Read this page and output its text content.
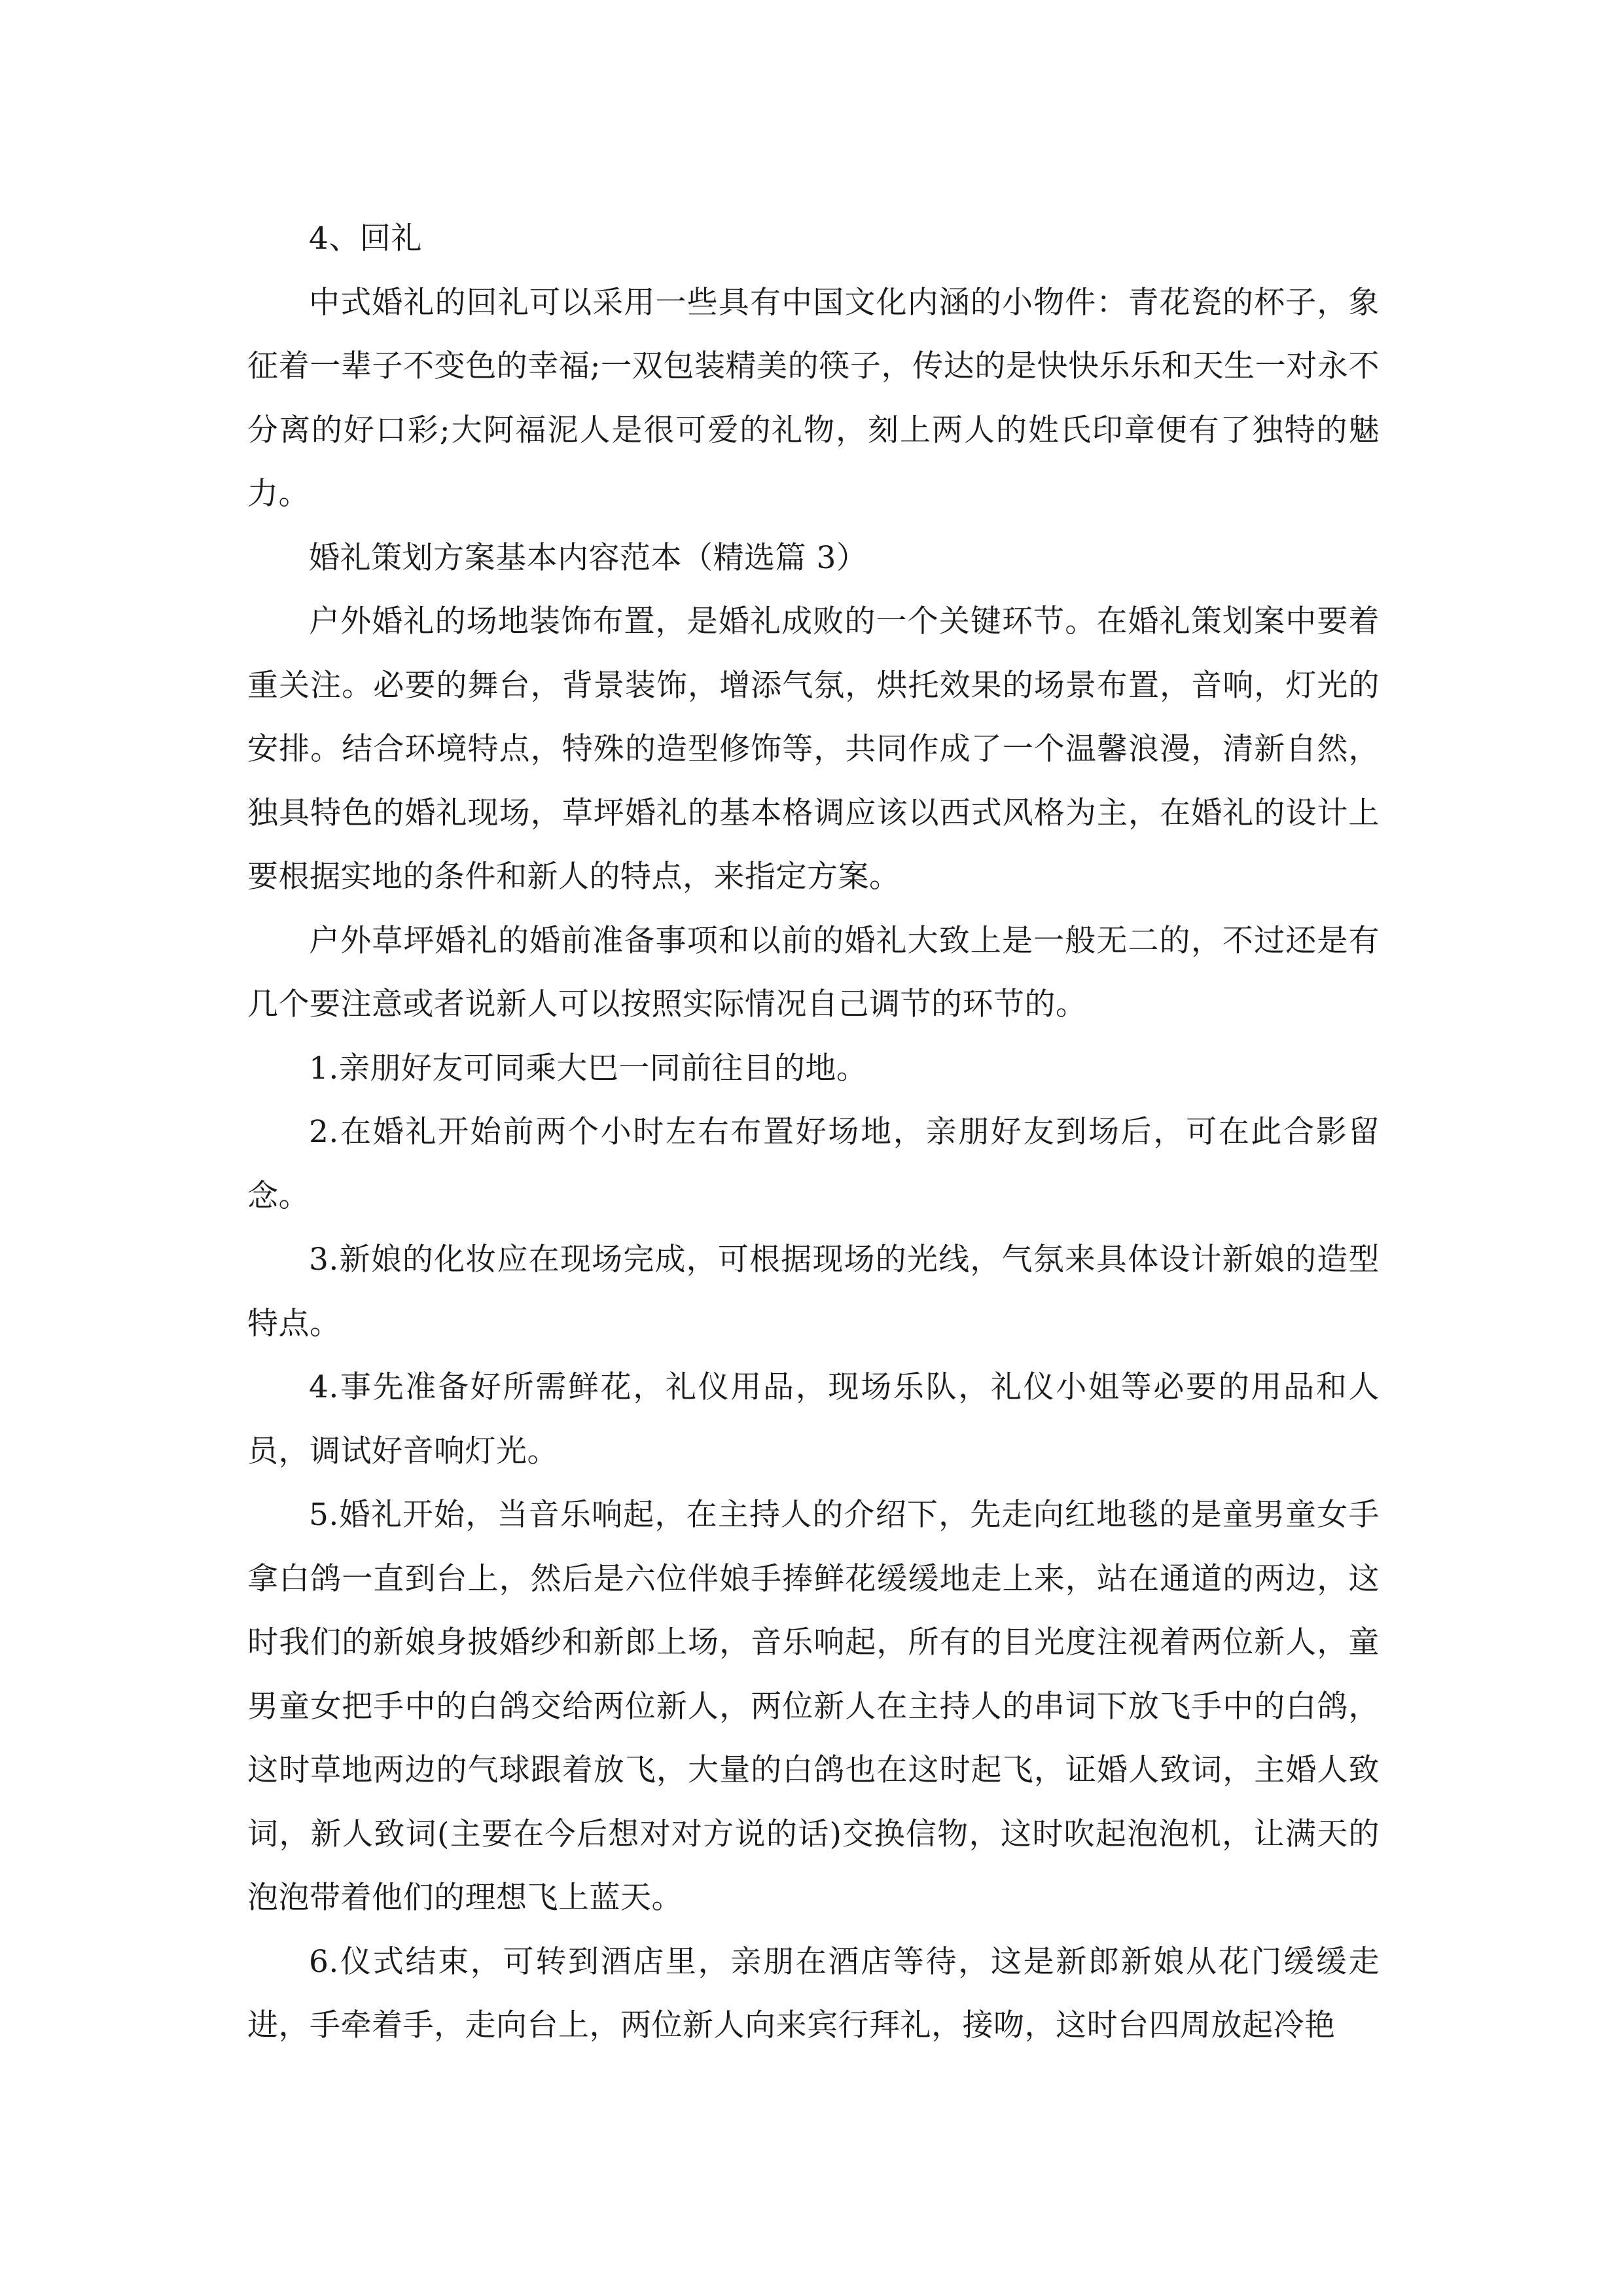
4、回礼

中式婚礼的回礼可以采用一些具有中国文化内涵的小物件：青花瓷的杯子，象征着一辈子不变色的幸福;一双包装精美的筷子，传达的是快快乐乐和天生一对永不分离的好口彩;大阿福泥人是很可爱的礼物，刻上两人的姓氏印章便有了独特的魅力。

婚礼策划方案基本内容范本（精选篇 3）

户外婚礼的场地装饰布置，是婚礼成败的一个关键环节。在婚礼策划案中要着重关注。必要的舞台，背景装饰，增添气氛，烘托效果的场景布置，音响，灯光的安排。结合环境特点，特殊的造型修饰等，共同作成了一个温馨浪漫，清新自然，独具特色的婚礼现场，草坪婚礼的基本格调应该以西式风格为主，在婚礼的设计上要根据实地的条件和新人的特点，来指定方案。

户外草坪婚礼的婚前准备事项和以前的婚礼大致上是一般无二的，不过还是有几个要注意或者说新人可以按照实际情况自己调节的环节的。

1.亲朋好友可同乘大巴一同前往目的地。

2.在婚礼开始前两个小时左右布置好场地，亲朋好友到场后，可在此合影留念。

3.新娘的化妆应在现场完成，可根据现场的光线，气氛来具体设计新娘的造型特点。

4.事先准备好所需鲜花，礼仪用品，现场乐队，礼仪小姐等必要的用品和人员，调试好音响灯光。

5.婚礼开始，当音乐响起，在主持人的介绍下，先走向红地毯的是童男童女手拿白鸽一直到台上，然后是六位伴娘手捧鲜花缓缓地走上来，站在通道的两边，这时我们的新娘身披婚纱和新郎上场，音乐响起，所有的目光度注视着两位新人，童男童女把手中的白鸽交给两位新人，两位新人在主持人的串词下放飞手中的白鸽，这时草地两边的气球跟着放飞，大量的白鸽也在这时起飞，证婚人致词，主婚人致词，新人致词(主要在今后想对对方说的话)交换信物，这时吹起泡泡机，让满天的泡泡带着他们的理想飞上蓝天。

6.仪式结束，可转到酒店里，亲朋在酒店等待，这是新郎新娘从花门缓缓走进，手牵着手，走向台上，两位新人向来宾行拜礼，接吻，这时台四周放起冷艳
